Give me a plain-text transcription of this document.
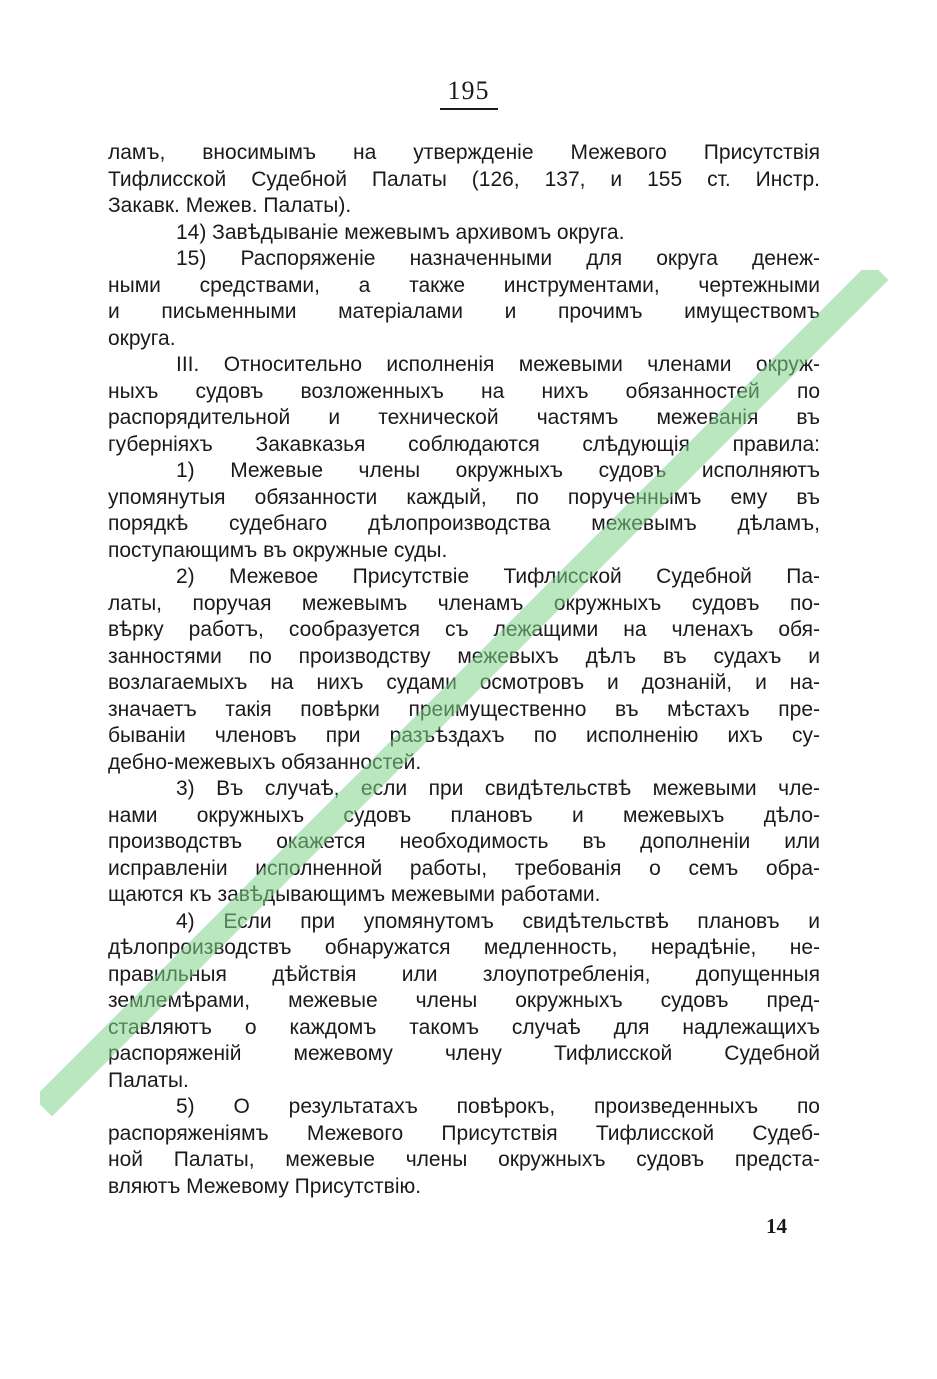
195
ламъ, вносимымъ на утвержденіе Межевого Присутствія
Тифлисской Судебной Палаты (126, 137, и 155 ст. Инстр.
Закавк. Межев. Палаты).
14) Завѣдываніе межевымъ архивомъ округа.
15) Распоряженіе назначенными для округа денеж-
ными средствами, а также инструментами, чертежными
и письменными матеріалами и прочимъ имуществомъ
округа.
III. Относительно исполненія межевыми членами окруж-
ныхъ судовъ возложенныхъ на нихъ обязанностей по
распорядительной и технической частямъ межеванія въ
губерніяхъ Закавказья соблюдаются слѣдующія правила:
1) Межевые члены окружныхъ судовъ исполняютъ
упомянутыя обязанности каждый, по порученнымъ ему въ
порядкѣ судебнаго дѣлопроизводства межевымъ дѣламъ,
поступающимъ въ окружные суды.
2) Межевое Присутствіе Тифлисской Судебной Па-
латы, поручая межевымъ членамъ окружныхъ судовъ по-
вѣрку работъ, сообразуется съ лежащими на членахъ обя-
занностями по производству межевыхъ дѣлъ въ судахъ и
возлагаемыхъ на нихъ судами осмотровъ и дознаній, и на-
значаетъ такія повѣрки преимущественно въ мѣстахъ пре-
бываніи членовъ при разъѣздахъ по исполненію ихъ су-
дебно-межевыхъ обязанностей.
3) Въ случаѣ, если при свидѣтельствѣ межевыми чле-
нами окружныхъ судовъ плановъ и межевыхъ дѣло-
производствъ окажется необходимость въ дополненіи или
исправленіи исполненной работы, требованія о семъ обра-
щаются къ завѣдывающимъ межевыми работами.
4) Если при упомянутомъ свидѣтельствѣ плановъ и
дѣлопроизводствъ обнаружатся медленность, нерадѣніе, не-
правильныя дѣйствія или злоупотребленія, допущенныя
землемѣрами, межевые члены окружныхъ судовъ пред-
ставляютъ о каждомъ такомъ случаѣ для надлежащихъ
распоряженій межевому члену Тифлисской Судебной
Палаты.
5) О результатахъ повѣрокъ, произведенныхъ по
распоряженіямъ Межевого Присутствія Тифлисской Судеб-
ной Палаты, межевые члены окружныхъ судовъ предста-
вляютъ Межевому Присутствію.
14
